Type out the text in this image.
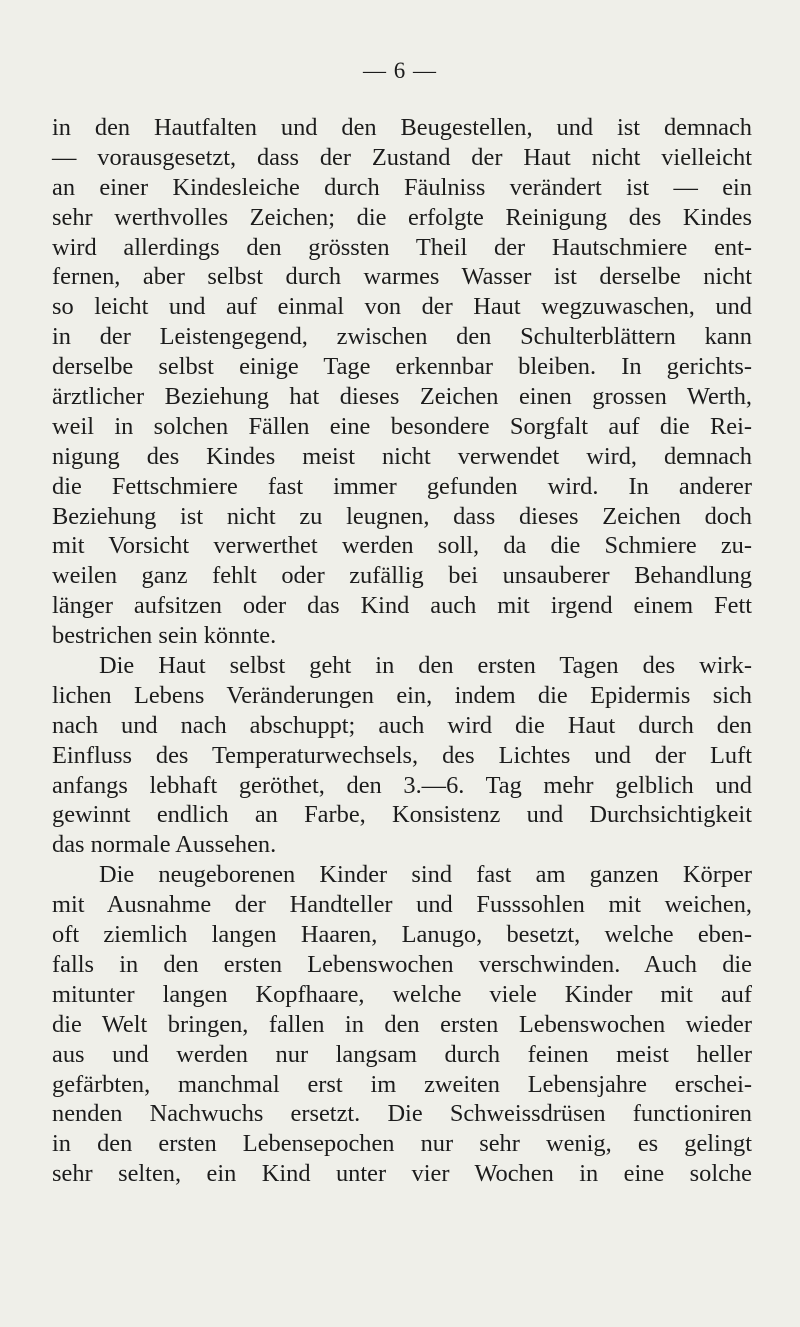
— 6 —
in den Hautfalten und den Beugestellen, und ist demnach
— vorausgesetzt, dass der Zustand der Haut nicht vielleicht
an einer Kindesleiche durch Fäulniss verändert ist — ein
sehr werthvolles Zeichen; die erfolgte Reinigung des Kindes
wird allerdings den grössten Theil der Hautschmiere ent-
fernen, aber selbst durch warmes Wasser ist derselbe nicht
so leicht und auf einmal von der Haut wegzuwaschen, und
in der Leistengegend, zwischen den Schulterblättern kann
derselbe selbst einige Tage erkennbar bleiben. In gerichts-
ärztlicher Beziehung hat dieses Zeichen einen grossen Werth,
weil in solchen Fällen eine besondere Sorgfalt auf die Rei-
nigung des Kindes meist nicht verwendet wird, demnach
die Fettschmiere fast immer gefunden wird. In anderer
Beziehung ist nicht zu leugnen, dass dieses Zeichen doch
mit Vorsicht verwerthet werden soll, da die Schmiere zu-
weilen ganz fehlt oder zufällig bei unsauberer Behandlung
länger aufsitzen oder das Kind auch mit irgend einem Fett
bestrichen sein könnte.
Die Haut selbst geht in den ersten Tagen des wirk-
lichen Lebens Veränderungen ein, indem die Epidermis sich
nach und nach abschuppt; auch wird die Haut durch den
Einfluss des Temperaturwechsels, des Lichtes und der Luft
anfangs lebhaft geröthet, den 3.—6. Tag mehr gelblich und
gewinnt endlich an Farbe, Konsistenz und Durchsichtigkeit
das normale Aussehen.
Die neugeborenen Kinder sind fast am ganzen Körper
mit Ausnahme der Handteller und Fusssohlen mit weichen,
oft ziemlich langen Haaren, Lanugo, besetzt, welche eben-
falls in den ersten Lebenswochen verschwinden. Auch die
mitunter langen Kopfhaare, welche viele Kinder mit auf
die Welt bringen, fallen in den ersten Lebenswochen wieder
aus und werden nur langsam durch feinen meist heller
gefärbten, manchmal erst im zweiten Lebensjahre erschei-
nenden Nachwuchs ersetzt. Die Schweissdrüsen functioniren
in den ersten Lebensepochen nur sehr wenig, es gelingt
sehr selten, ein Kind unter vier Wochen in eine solche
